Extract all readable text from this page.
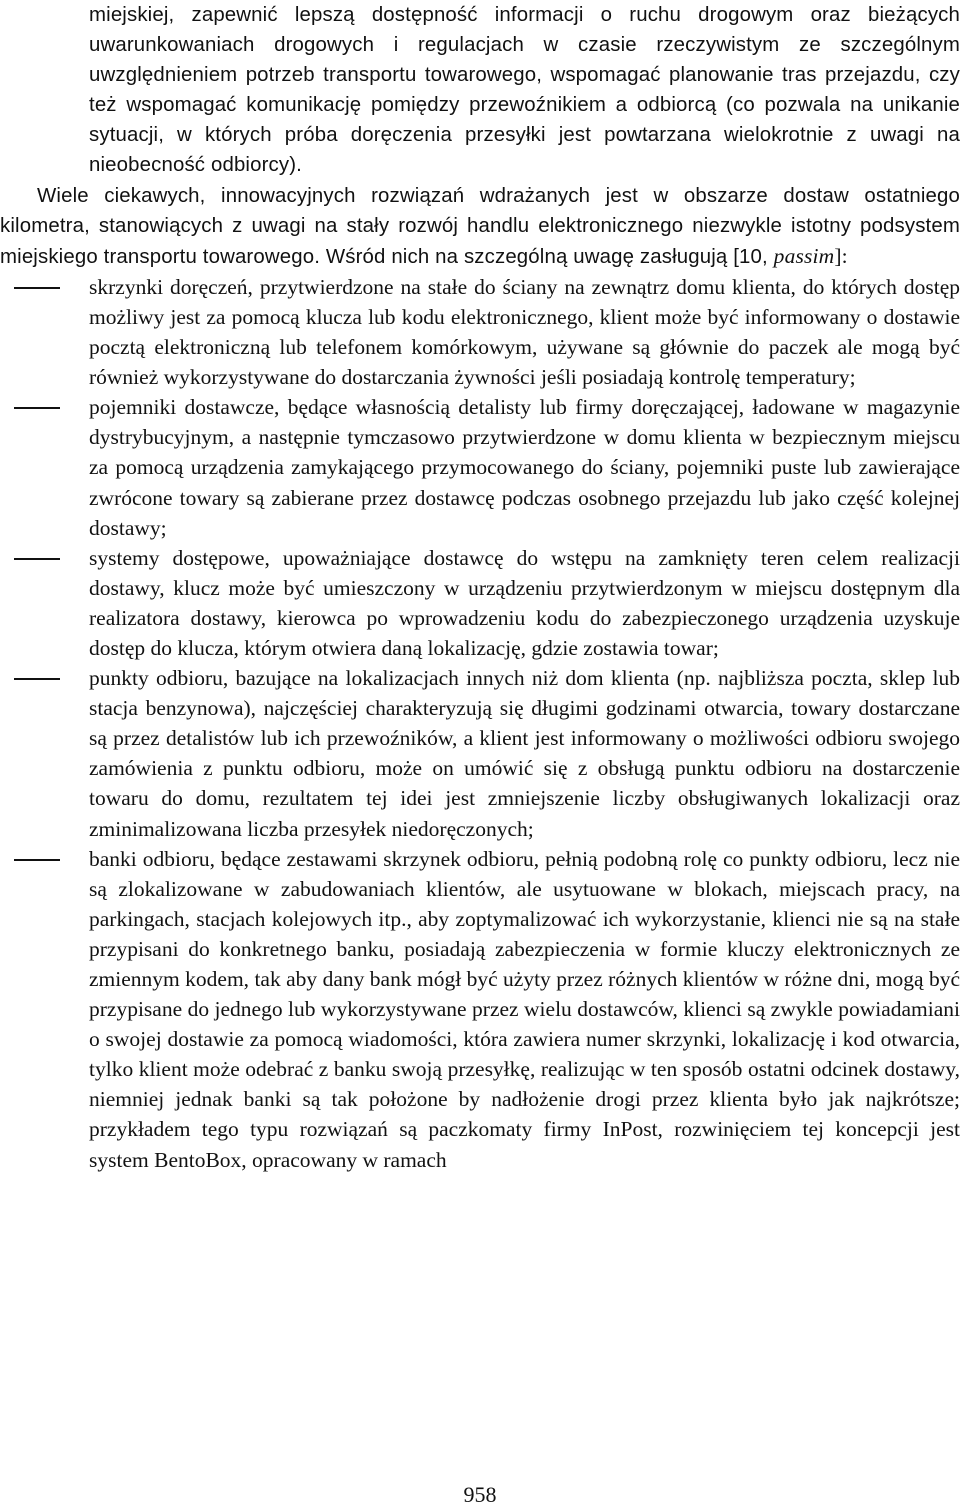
miejskiej, zapewnić lepszą dostępność informacji o ruchu drogowym oraz bieżących uwarunkowaniach drogowych i regulacjach w czasie rzeczywistym ze szczególnym uwzględnieniem potrzeb transportu towarowego, wspomagać planowanie tras przejazdu, czy też wspomagać komunikację pomiędzy przewoźnikiem a odbiorcą (co pozwala na unikanie sytuacji, w których próba doręczenia przesyłki jest powtarzana wielokrotnie z uwagi na nieobecność odbiorcy).

Wiele ciekawych, innowacyjnych rozwiązań wdrażanych jest w obszarze dostaw ostatniego kilometra, stanowiących z uwagi na stały rozwój handlu elektronicznego niezwykle istotny podsystem miejskiego transportu towarowego. Wśród nich na szczególną uwagę zasługują [10, passim]:

skrzynki doręczeń, przytwierdzone na stałe do ściany na zewnątrz domu klienta, do których dostęp możliwy jest za pomocą klucza lub kodu elektronicznego, klient może być informowany o dostawie pocztą elektroniczną lub telefonem komórkowym, używane są głównie do paczek ale mogą być również wykorzystywane do dostarczania żywności jeśli posiadają kontrolę temperatury;
pojemniki dostawcze, będące własnością detalisty lub firmy doręczającej, ładowane w magazynie dystrybucyjnym, a następnie tymczasowo przytwierdzone w domu klienta w bezpiecznym miejscu za pomocą urządzenia zamykającego przymocowanego do ściany, pojemniki puste lub zawierające zwrócone towary są zabierane przez dostawcę podczas osobnego przejazdu lub jako część kolejnej dostawy;
systemy dostępowe, upoważniające dostawcę do wstępu na zamknięty teren celem realizacji dostawy, klucz może być umieszczony w urządzeniu przytwierdzonym w miejscu dostępnym dla realizatora dostawy, kierowca po wprowadzeniu kodu do zabezpieczonego urządzenia uzyskuje dostęp do klucza, którym otwiera daną lokalizację, gdzie zostawia towar;
punkty odbioru, bazujące na lokalizacjach innych niż dom klienta (np. najbliższa poczta, sklep lub stacja benzynowa), najczęściej charakteryzują się długimi godzinami otwarcia, towary dostarczane są przez detalistów lub ich przewoźników, a klient jest informowany o możliwości odbioru swojego zamówienia z punktu odbioru, może on umówić się z obsługą punktu odbioru na dostarczenie towaru do domu, rezultatem tej idei jest zmniejszenie liczby obsługiwanych lokalizacji oraz zminimalizowana liczba przesyłek niedoręczonych;
banki odbioru, będące zestawami skrzynek odbioru, pełnią podobną rolę co punkty odbioru, lecz nie są zlokalizowane w zabudowaniach klientów, ale usytuowane w blokach, miejscach pracy, na parkingach, stacjach kolejowych itp., aby zoptymalizować ich wykorzystanie, klienci nie są na stałe przypisani do konkretnego banku, posiadają zabezpieczenia w formie kluczy elektronicznych ze zmiennym kodem, tak aby dany bank mógł być użyty przez różnych klientów w różne dni, mogą być przypisane do jednego lub wykorzystywane przez wielu dostawców, klienci są zwykle powiadamiani o swojej dostawie za pomocą wiadomości, która zawiera numer skrzynki, lokalizację i kod otwarcia, tylko klient może odebrać z banku swoją przesyłkę, realizując w ten sposób ostatni odcinek dostawy, niemniej jednak banki są tak położone by nadłożenie drogi przez klienta było jak najkrótsze; przykładem tego typu rozwiązań są paczkomaty firmy InPost, rozwinięciem tej koncepcji jest system BentoBox, opracowany w ramach
958
